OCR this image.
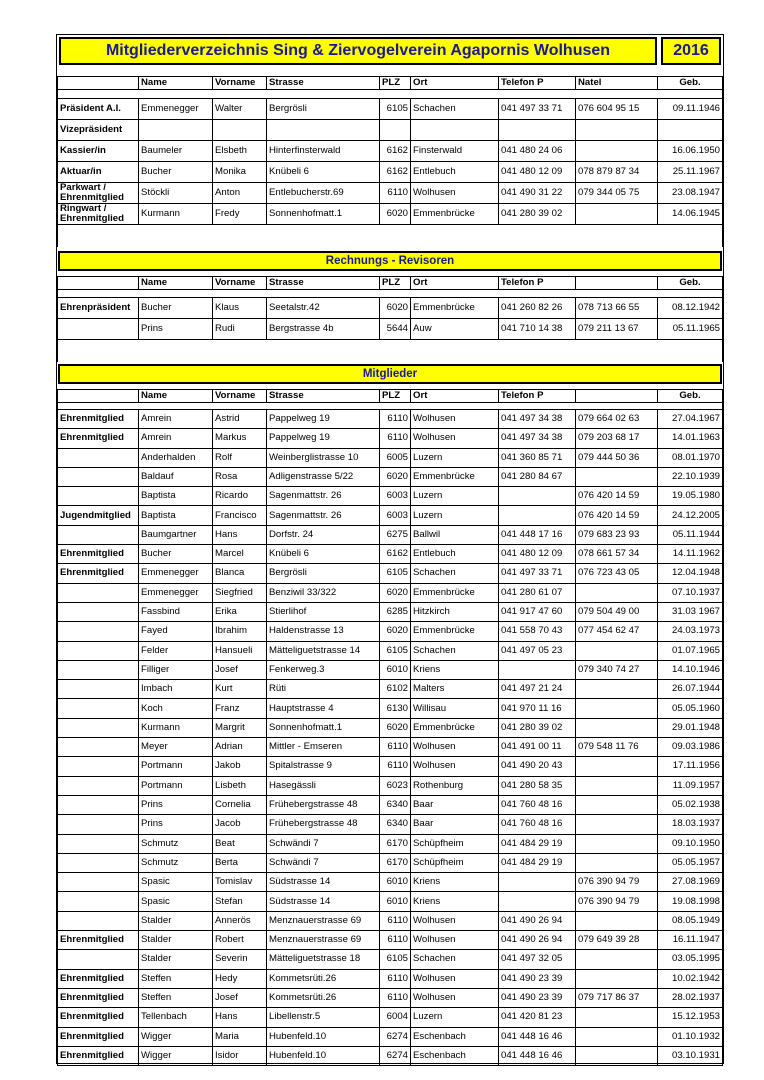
Mitgliederverzeichnis Sing & Ziervogelverein Agapornis Wolhusen	2016
	Name	Vorname	Strasse	PLZ	Ort	Telefon P	Natel	Geb.

Präsident A.I.	Emmenegger	Walter	Bergrösli	6105	Schachen	041 497 33 71	076 604 95 15	09.11.1946
Vizepräsident								
Kassier/in	Baumeler	Elsbeth	Hinterfinsterwald	6162	Finsterwald	041 480 24 06		16.06.1950
Aktuar/in	Bucher	Monika	Knübeli 6	6162	Entlebuch	041 480 12 09	078 879 87 34	25.11.1967
Parkwart / Ehrenmitglied	Stöckli	Anton	Entlebucherstr.69	6110	Wolhusen	041 490 31 22	079 344 05 75	23.08.1947
Ringwart / Ehrenmitglied	Kurmann	Fredy	Sonnenhofmatt.1	6020	Emmenbrücke	041 280 39 02		14.06.1945

Rechnungs - Revisoren
	Name	Vorname	Strasse	PLZ	Ort	Telefon P		Geb.

Ehrenpräsident	Bucher	Klaus	Seetalstr.42	6020	Emmenbrücke	041 260 82 26	078 713 66 55	08.12.1942
	Prins	Rudi	Bergstrasse 4b	5644	Auw	041 710 14 38	079 211 13 67	05.11.1965

Mitglieder
	Name	Vorname	Strasse	PLZ	Ort	Telefon P		Geb.

Ehrenmitglied	Amrein	Astrid	Pappelweg 19	6110	Wolhusen	041 497 34 38	079 664 02 63	27.04.1967
Ehrenmitglied	Amrein	Markus	Pappelweg 19	6110	Wolhusen	041 497 34 38	079 203 68 17	14.01.1963
	Anderhalden	Rolf	Weinberglistrasse 10	6005	Luzern	041 360 85 71	079 444 50 36	08.01.1970
	Baldauf	Rosa	Adligenstrasse 5/22	6020	Emmenbrücke	041 280 84 67		22.10.1939
	Baptista	Ricardo	Sagenmattstr. 26	6003	Luzern		076 420 14 59	19.05.1980
Jugendmitglied	Baptista	Francisco	Sagenmattstr. 26	6003	Luzern		076 420 14 59	24.12.2005
	Baumgartner	Hans	Dorfstr. 24	6275	Ballwil	041 448 17 16	079 683 23 93	05.11.1944
Ehrenmitglied	Bucher	Marcel	Knübeli 6	6162	Entlebuch	041 480 12 09	078 661 57 34	14.11.1962
Ehrenmitglied	Emmenegger	Blanca	Bergrösli	6105	Schachen	041 497 33 71	076 723 43 05	12.04.1948
	Emmenegger	Siegfried	Benziwil 33/322	6020	Emmenbrücke	041 280 61 07		07.10.1937
	Fassbind	Erika	Stierlihof	6285	Hitzkirch	041 917 47 60	079 504 49 00	31.03 1967
	Fayed	Ibrahim	Haldenstrasse 13	6020	Emmenbrücke	041 558 70 43	077 454 62 47	24.03.1973
	Felder	Hansueli	Mätteliguetstrasse 14	6105	Schachen	041 497 05 23		01.07.1965
	Filliger	Josef	Fenkerweg.3	6010	Kriens		079 340 74 27	14.10.1946
	Imbach	Kurt	Rüti	6102	Malters	041 497 21 24		26.07.1944
	Koch	Franz	Hauptstrasse 4	6130	Willisau	041 970 11 16		05.05.1960
	Kurmann	Margrit	Sonnenhofmatt.1	6020	Emmenbrücke	041 280 39 02		29.01.1948
	Meyer	Adrian	Mittler - Emseren	6110	Wolhusen	041 491 00 11	079 548 11 76	09.03.1986
	Portmann	Jakob	Spitalstrasse 9	6110	Wolhusen	041 490 20 43		17.11.1956
	Portmann	Lisbeth	Hasegässli	6023	Rothenburg	041 280 58 35		11.09.1957
	Prins	Cornelia	Frühebergstrasse 48	6340	Baar	041 760 48 16		05.02.1938
	Prins	Jacob	Frühebergstrasse 48	6340	Baar	041 760 48 16		18.03.1937
	Schmutz	Beat	Schwändi 7	6170	Schüpfheim	041 484 29 19		09.10.1950
	Schmutz	Berta	Schwändi 7	6170	Schüpfheim	041 484 29 19		05.05.1957
	Spasic	Tomislav	Südstrasse 14	6010	Kriens		076 390 94 79	27.08.1969
	Spasic	Stefan	Südstrasse 14	6010	Kriens		076 390 94 79	19.08.1998
	Stalder	Annerös	Menznauerstrasse 69	6110	Wolhusen	041 490 26 94		08.05.1949
Ehrenmitglied	Stalder	Robert	Menznauerstrasse 69	6110	Wolhusen	041 490 26 94	079 649 39 28	16.11.1947
	Stalder	Severin	Mätteliguetstrasse 18	6105	Schachen	041 497 32 05		03.05.1995
Ehrenmitglied	Steffen	Hedy	Kommetsrüti.26	6110	Wolhusen	041 490 23 39		10.02.1942
Ehrenmitglied	Steffen	Josef	Kommetsrüti.26	6110	Wolhusen	041 490 23 39	079 717 86 37	28.02.1937
Ehrenmitglied	Tellenbach	Hans	Libellenstr.5	6004	Luzern	041 420 81 23		15.12.1953
Ehrenmitglied	Wigger	Maria	Hubenfeld.10	6274	Eschenbach	041 448 16 46		01.10.1932
Ehrenmitglied	Wigger	Isidor	Hubenfeld.10	6274	Eschenbach	041 448 16 46		03.10.1931
